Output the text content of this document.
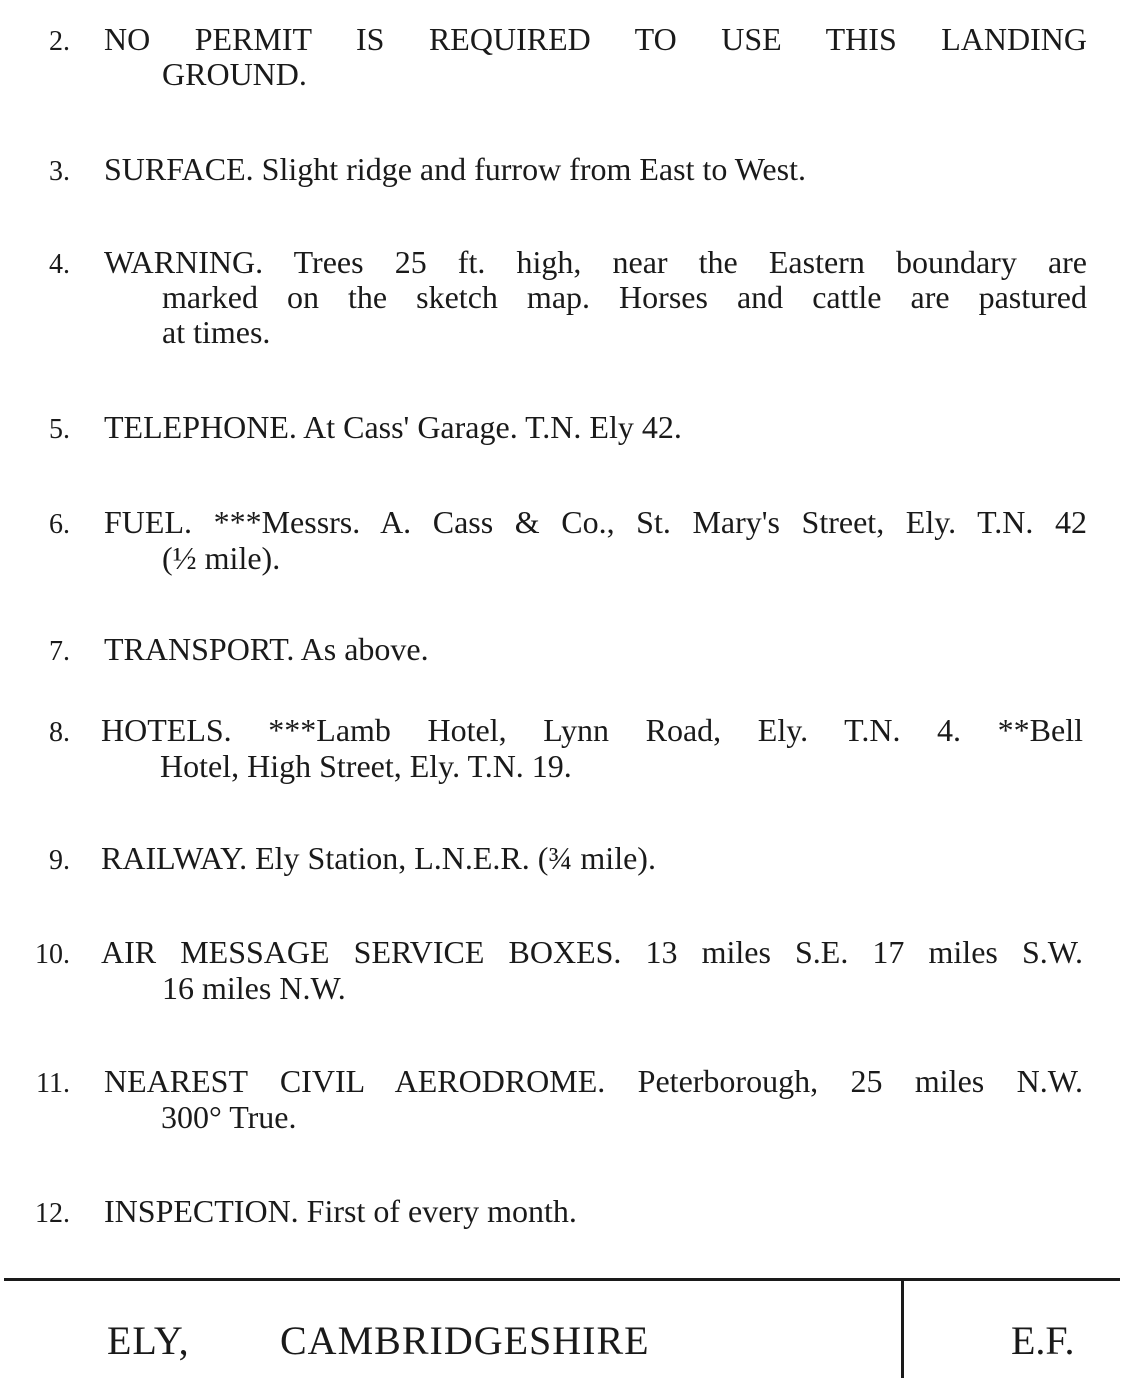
2. NO PERMIT IS REQUIRED TO USE THIS LANDING
GROUND.
3. SURFACE. Slight ridge and furrow from East to West.
4. WARNING. Trees 25 ft. high, near the Eastern boundary are
marked on the sketch map. Horses and cattle are pastured
at times.
5. TELEPHONE. At Cass' Garage. T.N. Ely 42.
6. FUEL. ***Messrs. A. Cass & Co., St. Mary's Street, Ely. T.N. 42
(½ mile).
7. TRANSPORT. As above.
8. HOTELS. ***Lamb Hotel, Lynn Road, Ely. T.N. 4. **Bell
Hotel, High Street, Ely. T.N. 19.
9. RAILWAY. Ely Station, L.N.E.R. (¾ mile).
10. AIR MESSAGE SERVICE BOXES. 13 miles S.E. 17 miles S.W.
16 miles N.W.
11. NEAREST CIVIL AERODROME. Peterborough, 25 miles N.W.
300° True.
12. INSPECTION. First of every month.
ELY, CAMBRIDGESHIRE	E.F.
